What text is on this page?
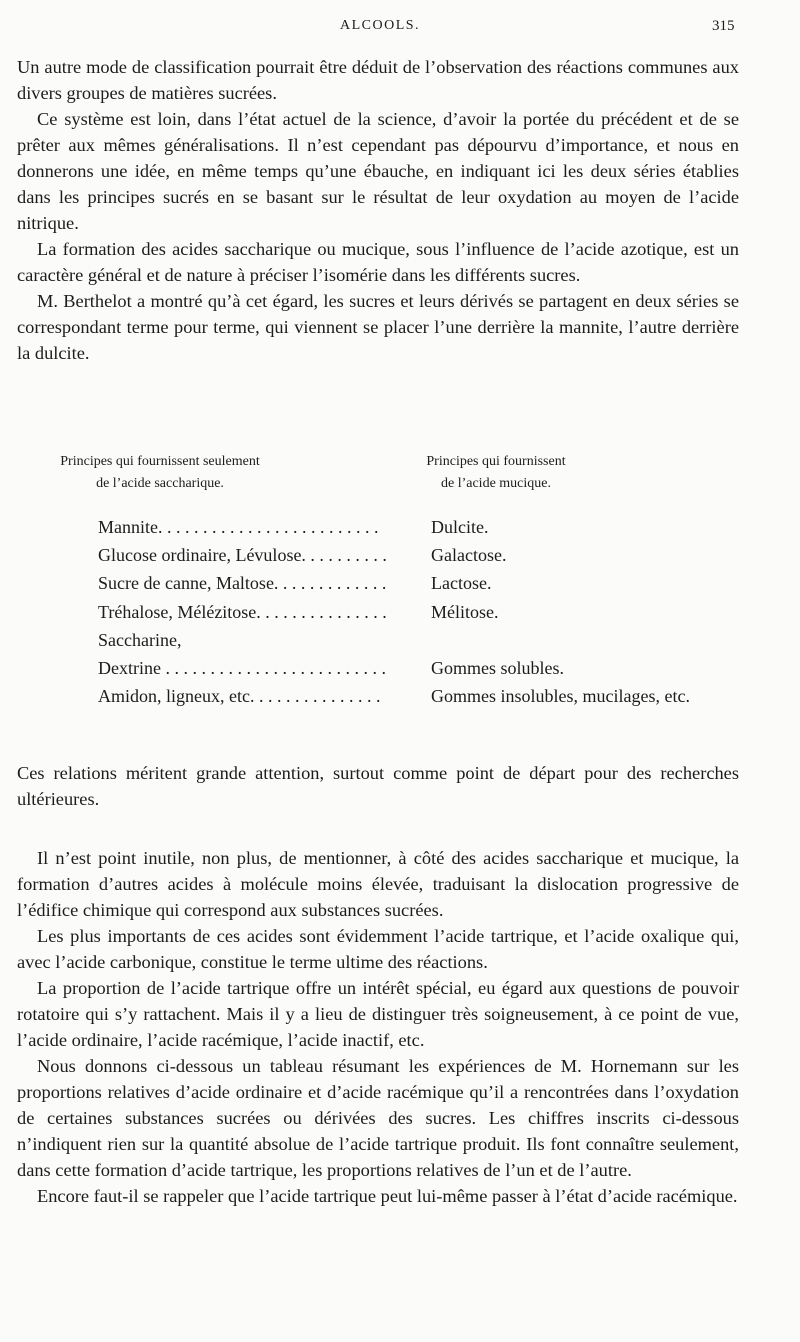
ALCOOLS.	315

Un autre mode de classification pourrait être déduit de l’observation des réactions communes aux divers groupes de matières sucrées.

Ce système est loin, dans l’état actuel de la science, d’avoir la portée du précédent et de se prêter aux mêmes généralisations. Il n’est cependant pas dépourvu d’importance, et nous en donnerons une idée, en même temps qu’une ébauche, en indiquant ici les deux séries établies dans les principes sucrés en se basant sur le résultat de leur oxydation au moyen de l’acide nitrique.

La formation des acides saccharique ou mucique, sous l’influence de l’acide azotique, est un caractère général et de nature à préciser l’isomérie dans les différents sucres.

M. Berthelot a montré qu’à cet égard, les sucres et leurs dérivés se partagent en deux séries se correspondant terme pour terme, qui viennent se placer l’une derrière la mannite, l’autre derrière la dulcite.

Principes qui fournissent seulement
de l’acide saccharique.
Principes qui fournissent
de l’acide mucique.
Mannite. . . . . . . . . . . . . . . . . . . . . . . . .	Dulcite.
Glucose ordinaire, Lévulose. . . . . . . . . . Galactose.
Sucre de canne, Maltose. . . . . . . . . . . . . Lactose.
Tréhalose, Mélézitose. . . . . . . . . . . . . . . Mélitose.
Saccharine,
Dextrine . . . . . . . . . . . . . . . . . . . . . . . . .	Gommes solubles.
Amidon, ligneux, etc. . . . . . . . . . . . . . .	Gommes insolubles, mucilages, etc.

Ces relations méritent grande attention, surtout comme point de départ pour des recherches ultérieures.

Il n’est point inutile, non plus, de mentionner, à côté des acides saccharique et mucique, la formation d’autres acides à molécule moins élevée, traduisant la dislocation progressive de l’édifice chimique qui correspond aux substances sucrées.

Les plus importants de ces acides sont évidemment l’acide tartrique, et l’acide oxalique qui, avec l’acide carbonique, constitue le terme ultime des réactions.

La proportion de l’acide tartrique offre un intérêt spécial, eu égard aux questions de pouvoir rotatoire qui s’y rattachent. Mais il y a lieu de distinguer très soigneusement, à ce point de vue, l’acide ordinaire, l’acide racémique, l’acide inactif, etc.

Nous donnons ci-dessous un tableau résumant les expériences de M. Hornemann sur les proportions relatives d’acide ordinaire et d’acide racémique qu’il a rencontrées dans l’oxydation de certaines substances sucrées ou dérivées des sucres. Les chiffres inscrits ci-dessous n’indiquent rien sur la quantité absolue de l’acide tartrique produit. Ils font connaître seulement, dans cette formation d’acide tartrique, les proportions relatives de l’un et de l’autre.

Encore faut-il se rappeler que l’acide tartrique peut lui-même passer à l’état d’acide racémique.
